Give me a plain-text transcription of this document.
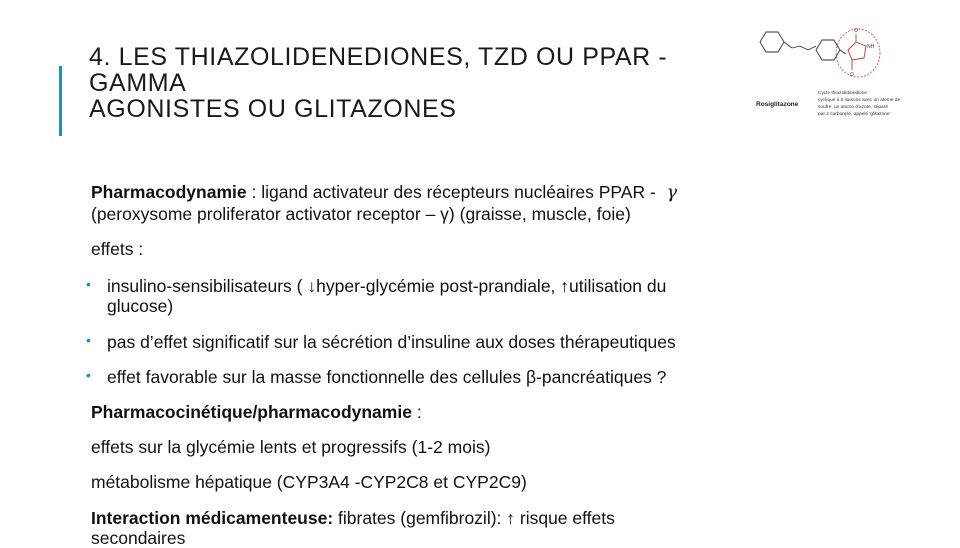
4. LES THIAZOLIDENEDIONES, TZD OU PPAR -
GAMMA
AGONISTES OU GLITAZONES
O
NH
O
Rosiglitazone
Cycle thiazolidinedione
cyclique à 5 liaisons avec un atome de
soufre, un atome d'azote, séparé
par 2 carbonyle, appelé 'glitazone'
Pharmacodynamie : ligand activateur des récepteurs nucléaires PPAR - γ
(peroxysome proliferator activator receptor – γ) (graisse, muscle, foie)
effets :
• insulino-sensibilisateurs ( ↓hyper-glycémie post-prandiale, ↑utilisation du
glucose)
• pas d’effet significatif sur la sécrétion d’insuline aux doses thérapeutiques
• effet favorable sur la masse fonctionnelle des cellules β-pancréatiques ?
Pharmacocinétique/pharmacodynamie :
effets sur la glycémie lents et progressifs (1-2 mois)
métabolisme hépatique (CYP3A4 -CYP2C8 et CYP2C9)
Interaction médicamenteuse: fibrates (gemfibrozil): ↑ risque effets
secondaires
